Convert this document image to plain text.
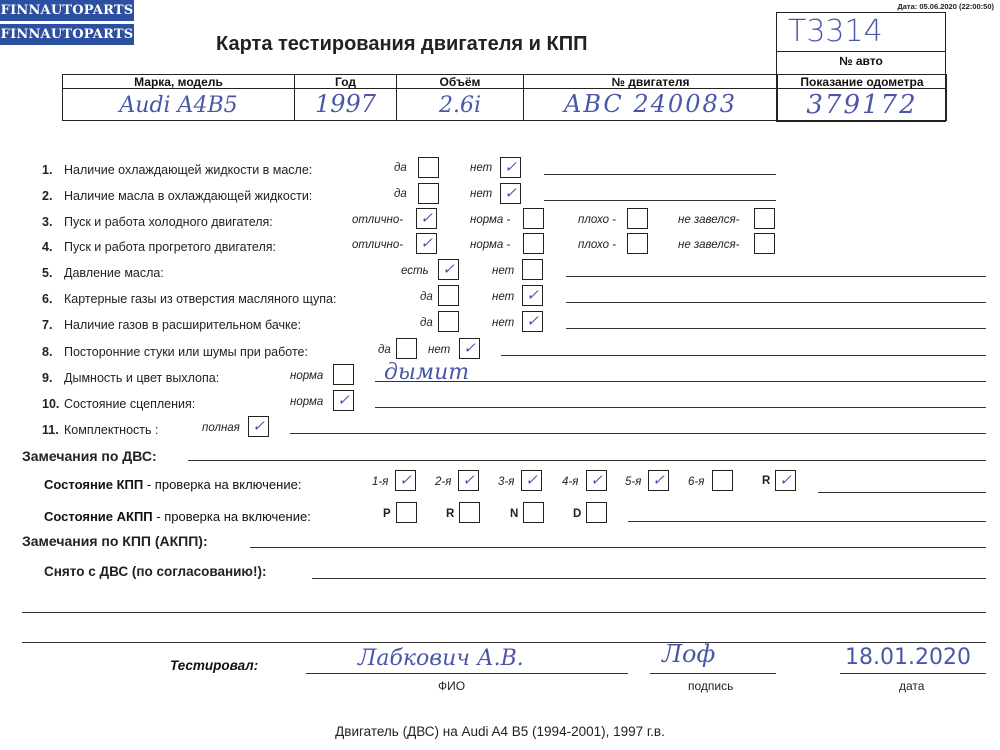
FINNAUTOPARTS
FINNAUTOPARTS
Дата: 05.06.2020 (22:00:50)
Карта тестирования двигателя и КПП	Т3314
№ авто
Марка, модель	Год	Объём	№ двигателя	Показание одометра
Audi A4B5	1997	2.6i	ABC 240083	379172
1. Наличие охлаждающей жидкости в масле:	да	нет ✓
2. Наличие масла в охлаждающей жидкости:	да	нет ✓
3. Пуск и работа холодного двигателя:	отлично- ✓	норма -	плохо -	не завелся-
4. Пуск и работа прогретого двигателя:	отлично- ✓	норма -	плохо -	не завелся-
5. Давление масла:	есть ✓	нет
6. Картерные газы из отверстия масляного щупа:	да	нет ✓
7. Наличие газов в расширительном бачке:	да	нет ✓
8. Посторонние стуки или шумы при работе:	да	нет ✓
9. Дымность и цвет выхлопа:	норма	дымит
10. Состояние сцепления:	норма ✓
11. Комплектность :	полная ✓
Замечания по ДВС:
Состояние КПП - проверка на включение:	1-я ✓	2-я ✓	3-я ✓	4-я ✓	5-я ✓	6-я	R ✓
Состояние АКПП - проверка на включение:	P	R	N	D
Замечания по КПП (АКПП):
Снято с ДВС (по согласованию!):
Тестировал:	Лабкович А.В.	Лоф	18.01.2020
ФИО	подпись	дата
Двигатель (ДВС) на Audi A4 B5 (1994-2001), 1997 г.в.
